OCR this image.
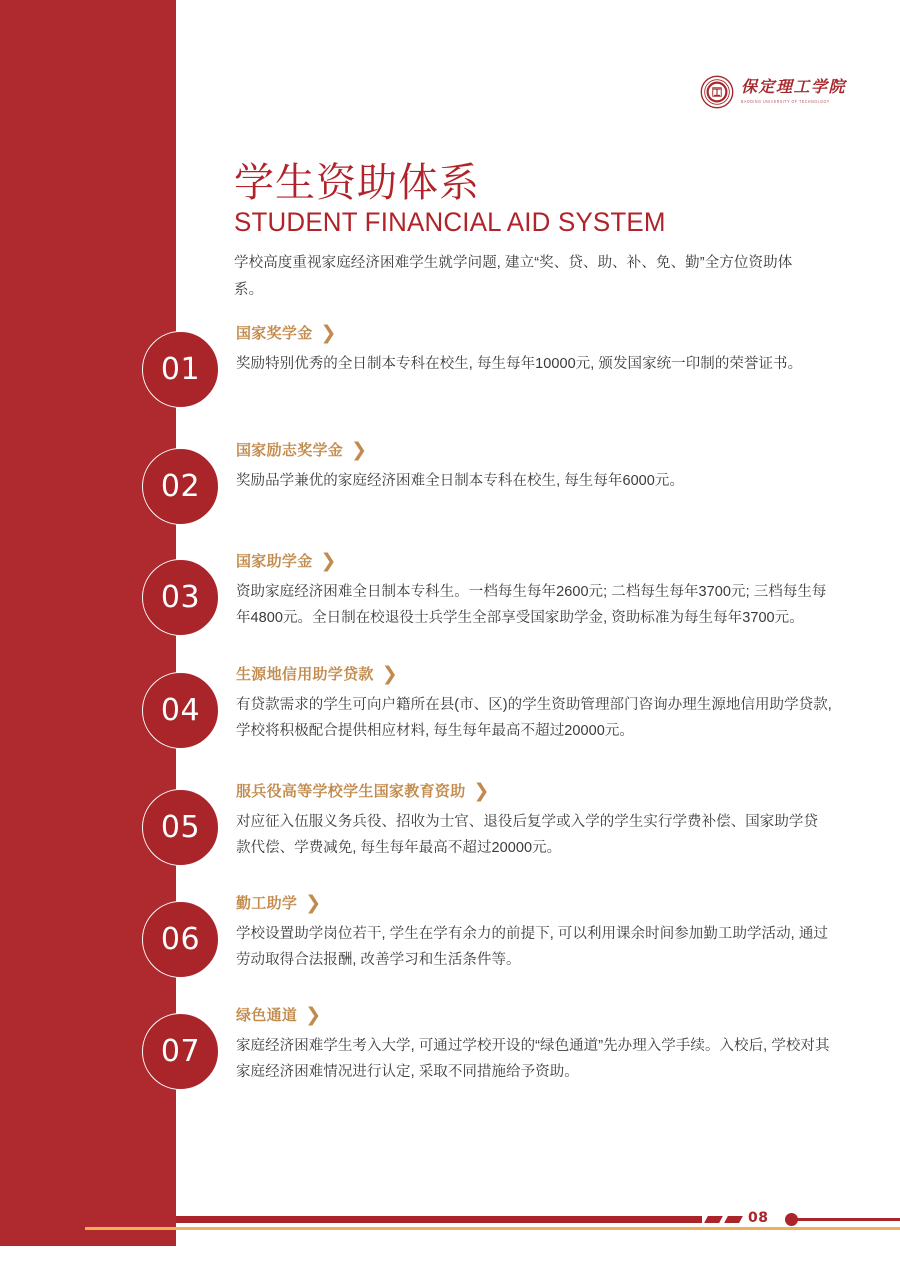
保定理工学院
BAODING UNIVERSITY OF TECHNOLOGY
学生资助体系
STUDENT FINANCIAL AID SYSTEM
学校高度重视家庭经济困难学生就学问题, 建立“奖、贷、助、补、免、勤”全方位资助体系。
01
国家奖学金 ❯
奖励特别优秀的全日制本专科在校生, 每生每年10000元, 颁发国家统一印制的荣誉证书。
02
国家励志奖学金 ❯
奖励品学兼优的家庭经济困难全日制本专科在校生, 每生每年6000元。
03
国家助学金 ❯
资助家庭经济困难全日制本专科生。一档每生每年2600元; 二档每生每年3700元; 三档每生每年4800元。全日制在校退役士兵学生全部享受国家助学金, 资助标准为每生每年3700元。
04
生源地信用助学贷款 ❯
有贷款需求的学生可向户籍所在县(市、区)的学生资助管理部门咨询办理生源地信用助学贷款, 学校将积极配合提供相应材料, 每生每年最高不超过20000元。
05
服兵役高等学校学生国家教育资助 ❯
对应征入伍服义务兵役、招收为士官、退役后复学或入学的学生实行学费补偿、国家助学贷款代偿、学费减免, 每生每年最高不超过20000元。
06
勤工助学 ❯
学校设置助学岗位若干, 学生在学有余力的前提下, 可以利用课余时间参加勤工助学活动, 通过劳动取得合法报酬, 改善学习和生活条件等。
07
绿色通道 ❯
家庭经济困难学生考入大学, 可通过学校开设的“绿色通道”先办理入学手续。入校后, 学校对其家庭经济困难情况进行认定, 采取不同措施给予资助。
08
